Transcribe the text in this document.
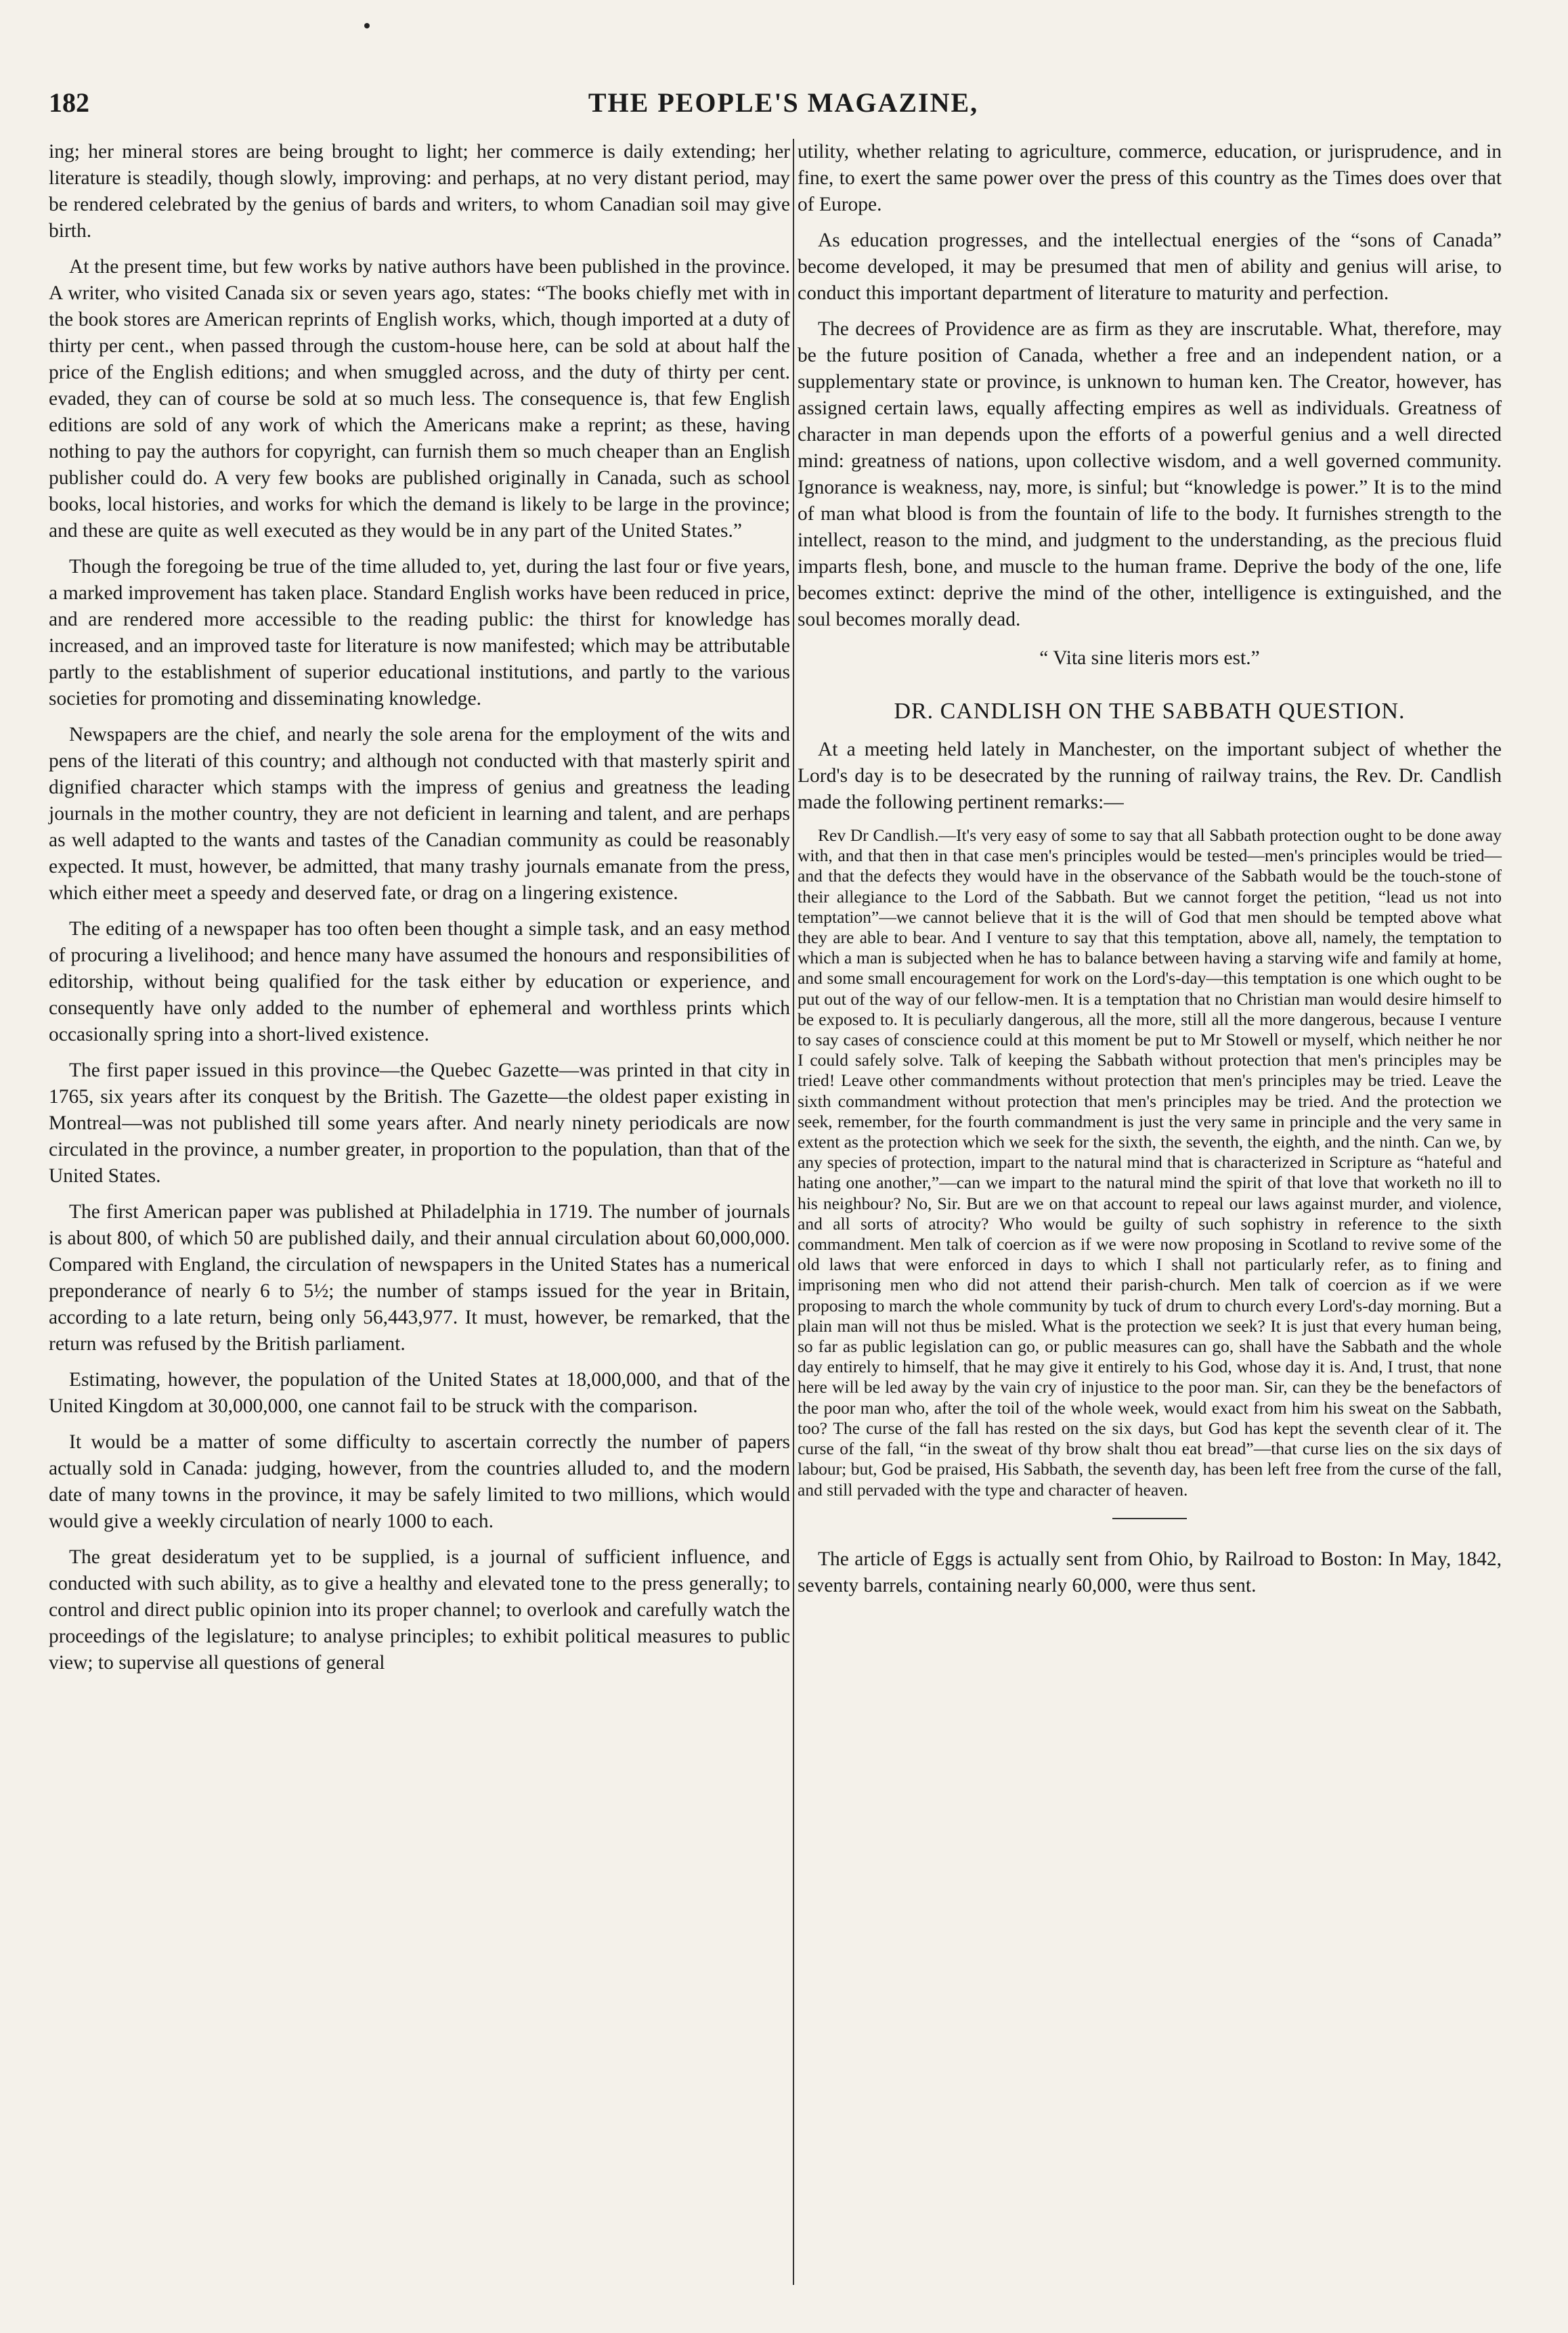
182	THE PEOPLE'S MAGAZINE,

ing; her mineral stores are being brought to light; her commerce is daily extending; her literature is steadily, though slowly, improving: and perhaps, at no very distant period, may be rendered celebrated by the genius of bards and writers, to whom Canadian soil may give birth.

At the present time, but few works by native authors have been published in the province. A writer, who visited Canada six or seven years ago, states: “The books chiefly met with in the book stores are American reprints of English works, which, though imported at a duty of thirty per cent., when passed through the custom-house here, can be sold at about half the price of the English editions; and when smuggled across, and the duty of thirty per cent. evaded, they can of course be sold at so much less. The consequence is, that few English editions are sold of any work of which the Americans make a reprint; as these, having nothing to pay the authors for copyright, can furnish them so much cheaper than an English publisher could do. A very few books are published originally in Canada, such as school books, local histories, and works for which the demand is likely to be large in the province; and these are quite as well executed as they would be in any part of the United States.”

Though the foregoing be true of the time alluded to, yet, during the last four or five years, a marked improvement has taken place. Standard English works have been reduced in price, and are rendered more accessible to the reading public: the thirst for knowledge has increased, and an improved taste for literature is now manifested; which may be attributable partly to the establishment of superior educational institutions, and partly to the various societies for promoting and disseminating knowledge.

Newspapers are the chief, and nearly the sole arena for the employment of the wits and pens of the literati of this country; and although not conducted with that masterly spirit and dignified character which stamps with the impress of genius and greatness the leading journals in the mother country, they are not deficient in learning and talent, and are perhaps as well adapted to the wants and tastes of the Canadian community as could be reasonably expected. It must, however, be admitted, that many trashy journals emanate from the press, which either meet a speedy and deserved fate, or drag on a lingering existence.

The editing of a newspaper has too often been thought a simple task, and an easy method of procuring a livelihood; and hence many have assumed the honours and responsibilities of editorship, without being qualified for the task either by education or experience, and consequently have only added to the number of ephemeral and worthless prints which occasionally spring into a short-lived existence.

The first paper issued in this province—the Quebec Gazette—was printed in that city in 1765, six years after its conquest by the British. The Gazette—the oldest paper existing in Montreal—was not published till some years after. And nearly ninety periodicals are now circulated in the province, a number greater, in proportion to the population, than that of the United States.

The first American paper was published at Philadelphia in 1719. The number of journals is about 800, of which 50 are published daily, and their annual circulation about 60,000,000. Compared with England, the circulation of newspapers in the United States has a numerical preponderance of nearly 6 to 5½; the number of stamps issued for the year in Britain, according to a late return, being only 56,443,977. It must, however, be remarked, that the return was refused by the British parliament.

Estimating, however, the population of the United States at 18,000,000, and that of the United Kingdom at 30,000,000, one cannot fail to be struck with the comparison.

It would be a matter of some difficulty to ascertain correctly the number of papers actually sold in Canada: judging, however, from the countries alluded to, and the modern date of many towns in the province, it may be safely limited to two millions, which would would give a weekly circulation of nearly 1000 to each.

The great desideratum yet to be supplied, is a journal of sufficient influence, and conducted with such ability, as to give a healthy and elevated tone to the press generally; to control and direct public opinion into its proper channel; to overlook and carefully watch the proceedings of the legislature; to analyse principles; to exhibit political measures to public view; to supervise all questions of general

utility, whether relating to agriculture, commerce, education, or jurisprudence, and in fine, to exert the same power over the press of this country as the Times does over that of Europe.

As education progresses, and the intellectual energies of the “sons of Canada” become developed, it may be presumed that men of ability and genius will arise, to conduct this important department of literature to maturity and perfection.

The decrees of Providence are as firm as they are inscrutable. What, therefore, may be the future position of Canada, whether a free and an independent nation, or a supplementary state or province, is unknown to human ken. The Creator, however, has assigned certain laws, equally affecting empires as well as individuals. Greatness of character in man depends upon the efforts of a powerful genius and a well directed mind: greatness of nations, upon collective wisdom, and a well governed community. Ignorance is weakness, nay, more, is sinful; but “knowledge is power.” It is to the mind of man what blood is from the fountain of life to the body. It furnishes strength to the intellect, reason to the mind, and judgment to the understanding, as the precious fluid imparts flesh, bone, and muscle to the human frame. Deprive the body of the one, life becomes extinct: deprive the mind of the other, intelligence is extinguished, and the soul becomes morally dead.

“ Vita sine literis mors est.”

DR. CANDLISH ON THE SABBATH QUESTION.

At a meeting held lately in Manchester, on the important subject of whether the Lord's day is to be desecrated by the running of railway trains, the Rev. Dr. Candlish made the following pertinent remarks:—

Rev Dr Candlish.—It's very easy of some to say that all Sabbath protection ought to be done away with, and that then in that case men's principles would be tested—men's principles would be tried—and that the defects they would have in the observance of the Sabbath would be the touch-stone of their allegiance to the Lord of the Sabbath. But we cannot forget the petition, “lead us not into temptation”—we cannot believe that it is the will of God that men should be tempted above what they are able to bear. And I venture to say that this temptation, above all, namely, the temptation to which a man is subjected when he has to balance between having a starving wife and family at home, and some small encouragement for work on the Lord's-day—this temptation is one which ought to be put out of the way of our fellow-men. It is a temptation that no Christian man would desire himself to be exposed to. It is peculiarly dangerous, all the more, still all the more dangerous, because I venture to say cases of conscience could at this moment be put to Mr Stowell or myself, which neither he nor I could safely solve. Talk of keeping the Sabbath without protection that men's principles may be tried! Leave other commandments without protection that men's principles may be tried. Leave the sixth commandment without protection that men's principles may be tried. And the protection we seek, remember, for the fourth commandment is just the very same in principle and the very same in extent as the protection which we seek for the sixth, the seventh, the eighth, and the ninth. Can we, by any species of protection, impart to the natural mind that is characterized in Scripture as “hateful and hating one another,”—can we impart to the natural mind the spirit of that love that worketh no ill to his neighbour? No, Sir. But are we on that account to repeal our laws against murder, and violence, and all sorts of atrocity? Who would be guilty of such sophistry in reference to the sixth commandment. Men talk of coercion as if we were now proposing in Scotland to revive some of the old laws that were enforced in days to which I shall not particularly refer, as to fining and imprisoning men who did not attend their parish-church. Men talk of coercion as if we were proposing to march the whole community by tuck of drum to church every Lord's-day morning. But a plain man will not thus be misled. What is the protection we seek? It is just that every human being, so far as public legislation can go, or public measures can go, shall have the Sabbath and the whole day entirely to himself, that he may give it entirely to his God, whose day it is. And, I trust, that none here will be led away by the vain cry of injustice to the poor man. Sir, can they be the benefactors of the poor man who, after the toil of the whole week, would exact from him his sweat on the Sabbath, too? The curse of the fall has rested on the six days, but God has kept the seventh clear of it. The curse of the fall, “in the sweat of thy brow shalt thou eat bread”—that curse lies on the six days of labour; but, God be praised, His Sabbath, the seventh day, has been left free from the curse of the fall, and still pervaded with the type and character of heaven.

The article of Eggs is actually sent from Ohio, by Railroad to Boston: In May, 1842, seventy barrels, containing nearly 60,000, were thus sent.
